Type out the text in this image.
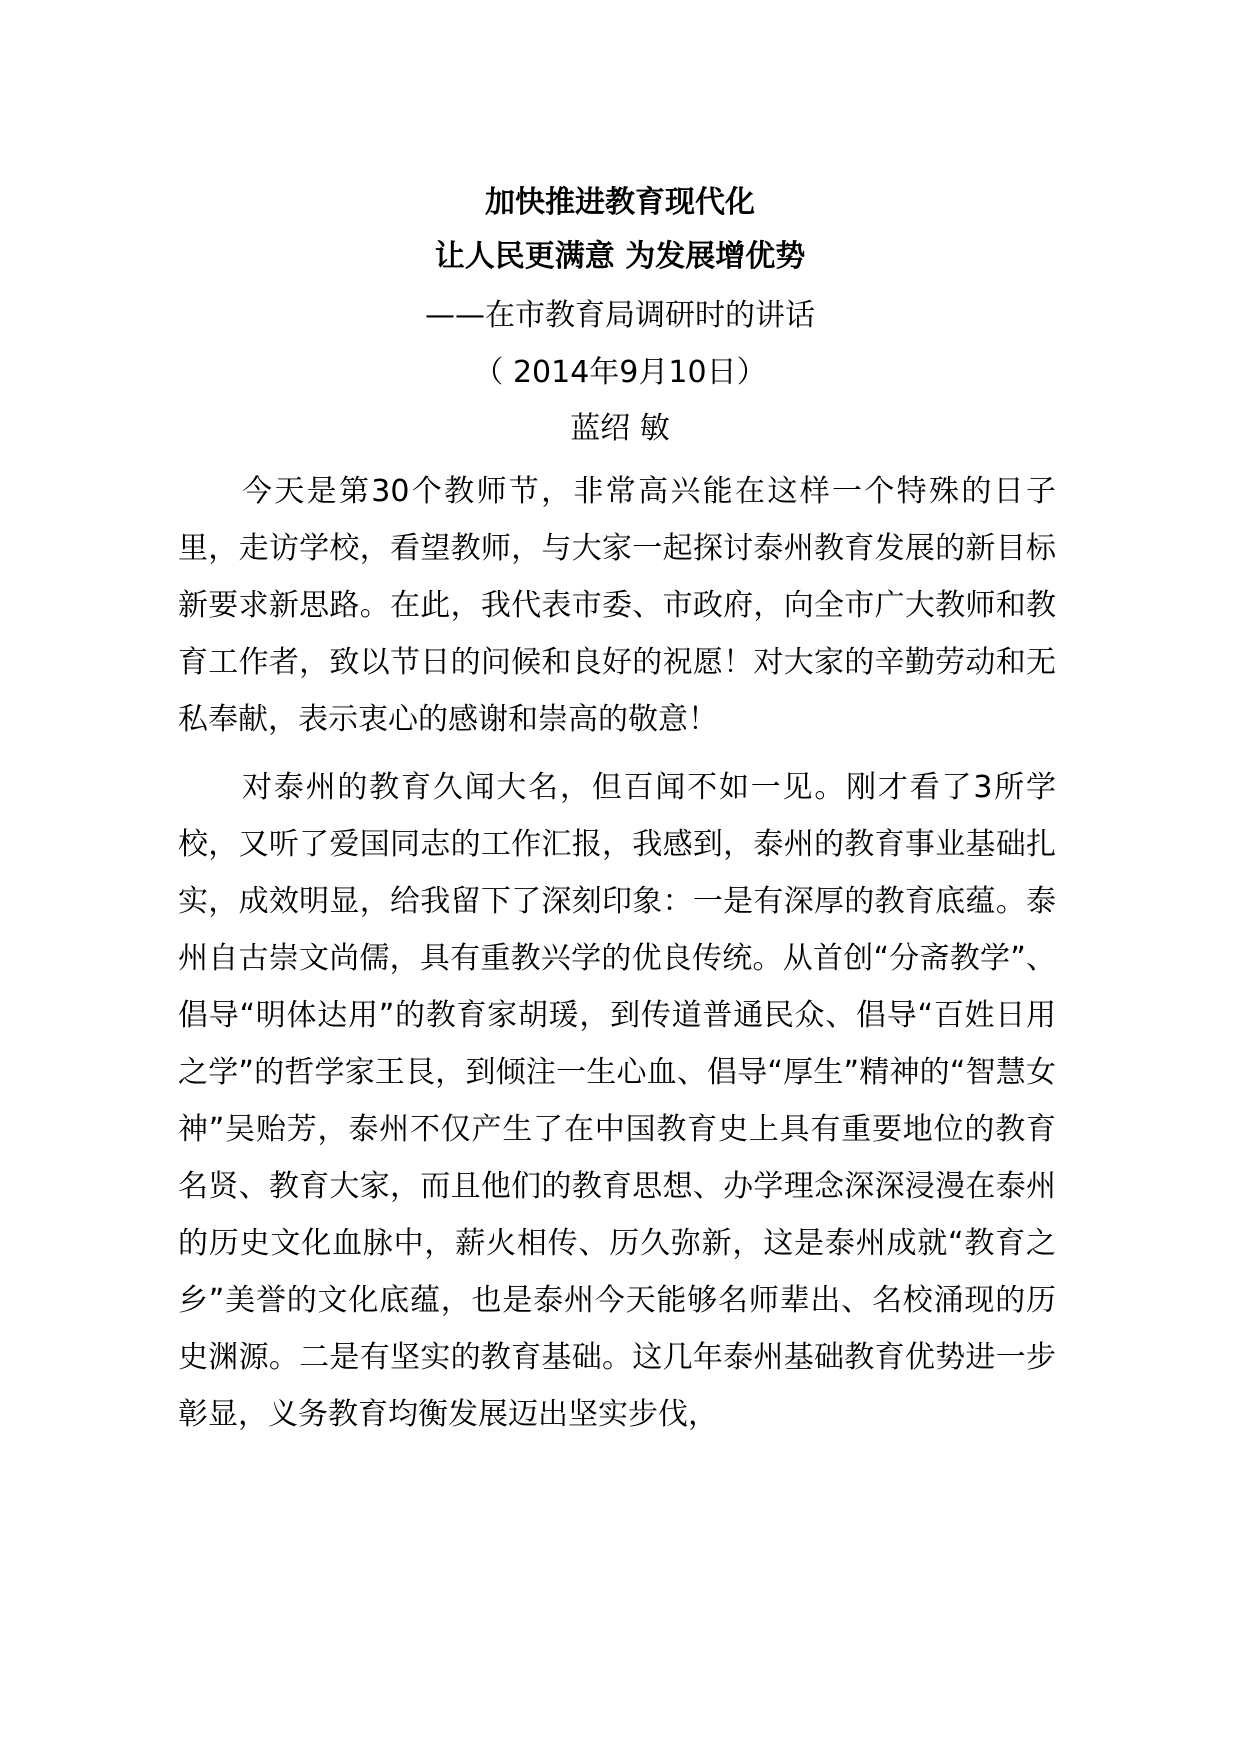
加快推进教育现代化
让人民更满意 为发展增优势

——在市教育局调研时的讲话

（ 2014年9月10日）

蓝绍 敏

今天是第30个教师节，非常高兴能在这样一个特殊的日子里，走访学校，看望教师，与大家一起探讨泰州教育发展的新目标新要求新思路。在此，我代表市委、市政府，向全市广大教师和教育工作者，致以节日的问候和良好的祝愿！对大家的辛勤劳动和无私奉献，表示衷心的感谢和崇高的敬意！

对泰州的教育久闻大名，但百闻不如一见。刚才看了3所学校，又听了爱国同志的工作汇报，我感到，泰州的教育事业基础扎实，成效明显，给我留下了深刻印象：一是有深厚的教育底蕴。泰州自古崇文尚儒，具有重教兴学的优良传统。从首创“分斋教学”、倡导“明体达用”的教育家胡瑗，到传道普通民众、倡导“百姓日用之学”的哲学家王艮，到倾注一生心血、倡导“厚生”精神的“智慧女神”吴贻芳，泰州不仅产生了在中国教育史上具有重要地位的教育名贤、教育大家，而且他们的教育思想、办学理念深深浸漫在泰州的历史文化血脉中，薪火相传、历久弥新，这是泰州成就“教育之乡”美誉的文化底蕴，也是泰州今天能够名师辈出、名校涌现的历史渊源。二是有坚实的教育基础。这几年泰州基础教育优势进一步彰显，义务教育均衡发展迈出坚实步伐，
